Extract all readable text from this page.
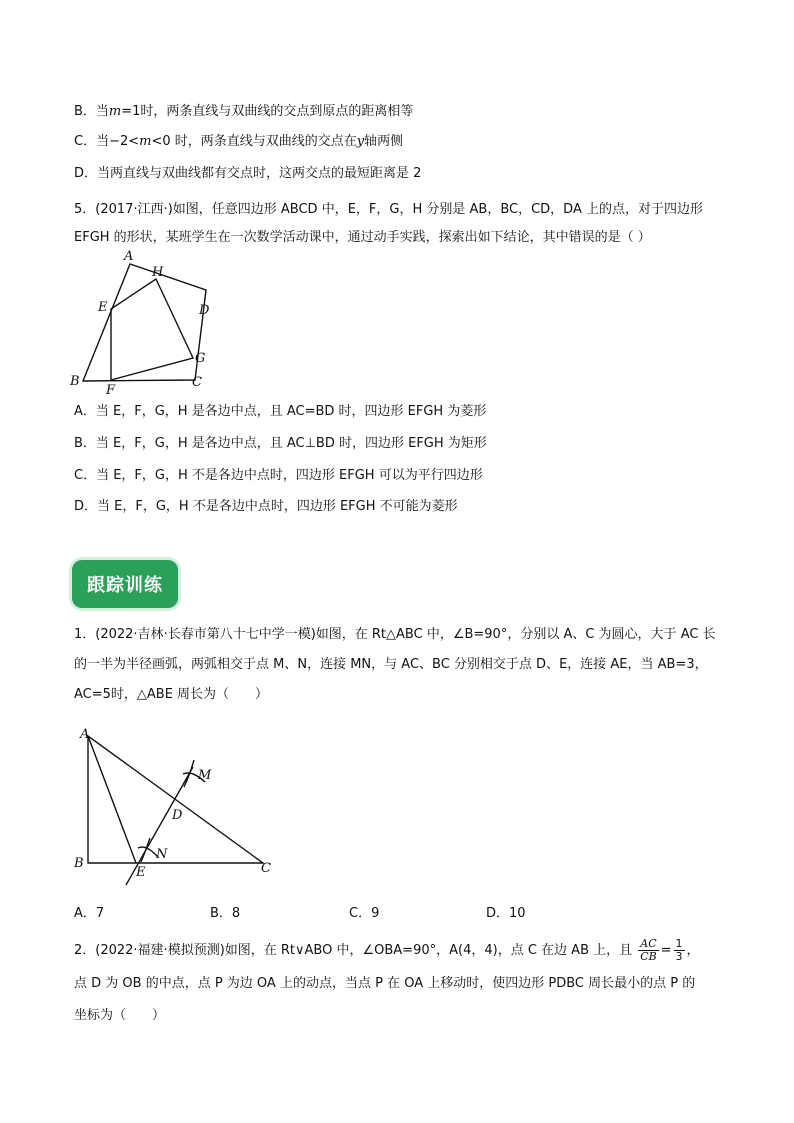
B．当m=1时，两条直线与双曲线的交点到原点的距离相等
C．当−2<m<0 时，两条直线与双曲线的交点在y轴两侧
D．当两直线与双曲线都有交点时，这两交点的最短距离是 2
5．(2017·江西·)如图，任意四边形 ABCD 中，E，F，G，H 分别是 AB，BC，CD，DA 上的点，对于四边形 EFGH 的形状，某班学生在一次数学活动课中，通过动手实践，探索出如下结论，其中错误的是（ ）
A
B	C
D
E
F
G
H
A．当 E，F，G，H 是各边中点，且 AC=BD 时，四边形 EFGH 为菱形
B．当 E，F，G，H 是各边中点，且 AC⊥BD 时，四边形 EFGH 为矩形
C．当 E，F，G，H 不是各边中点时，四边形 EFGH 可以为平行四边形
D．当 E，F，G，H 不是各边中点时，四边形 EFGH 不可能为菱形
跟踪训练
1．(2022·吉林·长春市第八十七中学一模)如图，在 Rt△ABC 中，∠B=90°，分别以 A、C 为圆心，大于 AC 长的一半为半径画弧，两弧相交于点 M、N，连接 MN，与 AC、BC 分别相交于点 D、E，连接 AE，当 AB=3，AC=5时，△ABE 周长为（　　）
A
B	C
D
E
M
N
A．7	B．8	C．9	D．10
2．(2022·福建·模拟预测)如图，在 Rt∨ABO 中，∠OBA=90°，A(4，4)，点 C 在边 AB 上，且 $\frac{AC}{CB} = \frac{1}{3}$ ，
点 D 为 OB 的中点，点 P 为边 OA 上的动点，当点 P 在 OA 上移动时，使四边形 PDBC 周长最小的点 P 的
坐标为（　　）
